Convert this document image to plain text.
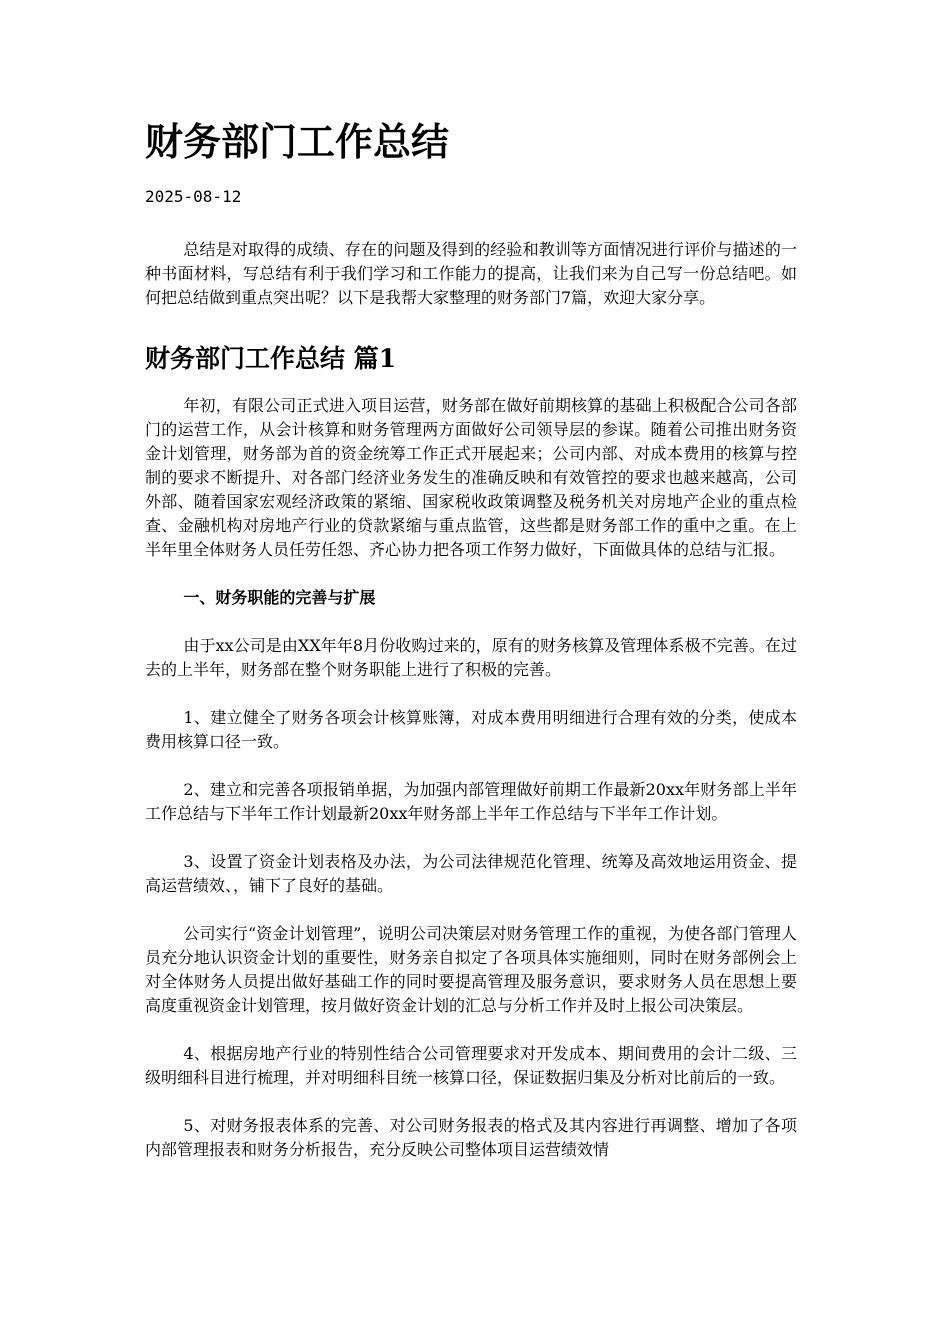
财务部门工作总结
2025-08-12

总结是对取得的成绩、存在的问题及得到的经验和教训等方面情况进行评价与描述的一种书面材料，写总结有利于我们学习和工作能力的提高，让我们来为自己写一份总结吧。如何把总结做到重点突出呢？以下是我帮大家整理的财务部门7篇，欢迎大家分享。

财务部门工作总结 篇1

年初，有限公司正式进入项目运营，财务部在做好前期核算的基础上积极配合公司各部门的运营工作，从会计核算和财务管理两方面做好公司领导层的参谋。随着公司推出财务资金计划管理，财务部为首的资金统筹工作正式开展起来；公司内部、对成本费用的核算与控制的要求不断提升、对各部门经济业务发生的准确反映和有效管控的要求也越来越高，公司外部、随着国家宏观经济政策的紧缩、国家税收政策调整及税务机关对房地产企业的重点检查、金融机构对房地产行业的贷款紧缩与重点监管，这些都是财务部工作的重中之重。在上半年里全体财务人员任劳任怨、齐心协力把各项工作努力做好，下面做具体的总结与汇报。

一、财务职能的完善与扩展

由于xx公司是由XX年年8月份收购过来的，原有的财务核算及管理体系极不完善。在过去的上半年，财务部在整个财务职能上进行了积极的完善。

1、建立健全了财务各项会计核算账簿，对成本费用明细进行合理有效的分类，使成本费用核算口径一致。

2、建立和完善各项报销单据，为加强内部管理做好前期工作最新20xx年财务部上半年工作总结与下半年工作计划最新20xx年财务部上半年工作总结与下半年工作计划。

3、设置了资金计划表格及办法，为公司法律规范化管理、统筹及高效地运用资金、提高运营绩效、，铺下了良好的基础。

公司实行“资金计划管理”，说明公司决策层对财务管理工作的重视，为使各部门管理人员充分地认识资金计划的重要性，财务亲自拟定了各项具体实施细则，同时在财务部例会上对全体财务人员提出做好基础工作的同时要提高管理及服务意识，要求财务人员在思想上要高度重视资金计划管理，按月做好资金计划的汇总与分析工作并及时上报公司决策层。

4、根据房地产行业的特别性结合公司管理要求对开发成本、期间费用的会计二级、三级明细科目进行梳理，并对明细科目统一核算口径，保证数据归集及分析对比前后的一致。

5、对财务报表体系的完善、对公司财务报表的格式及其内容进行再调整、增加了各项内部管理报表和财务分析报告，充分反映公司整体项目运营绩效情
